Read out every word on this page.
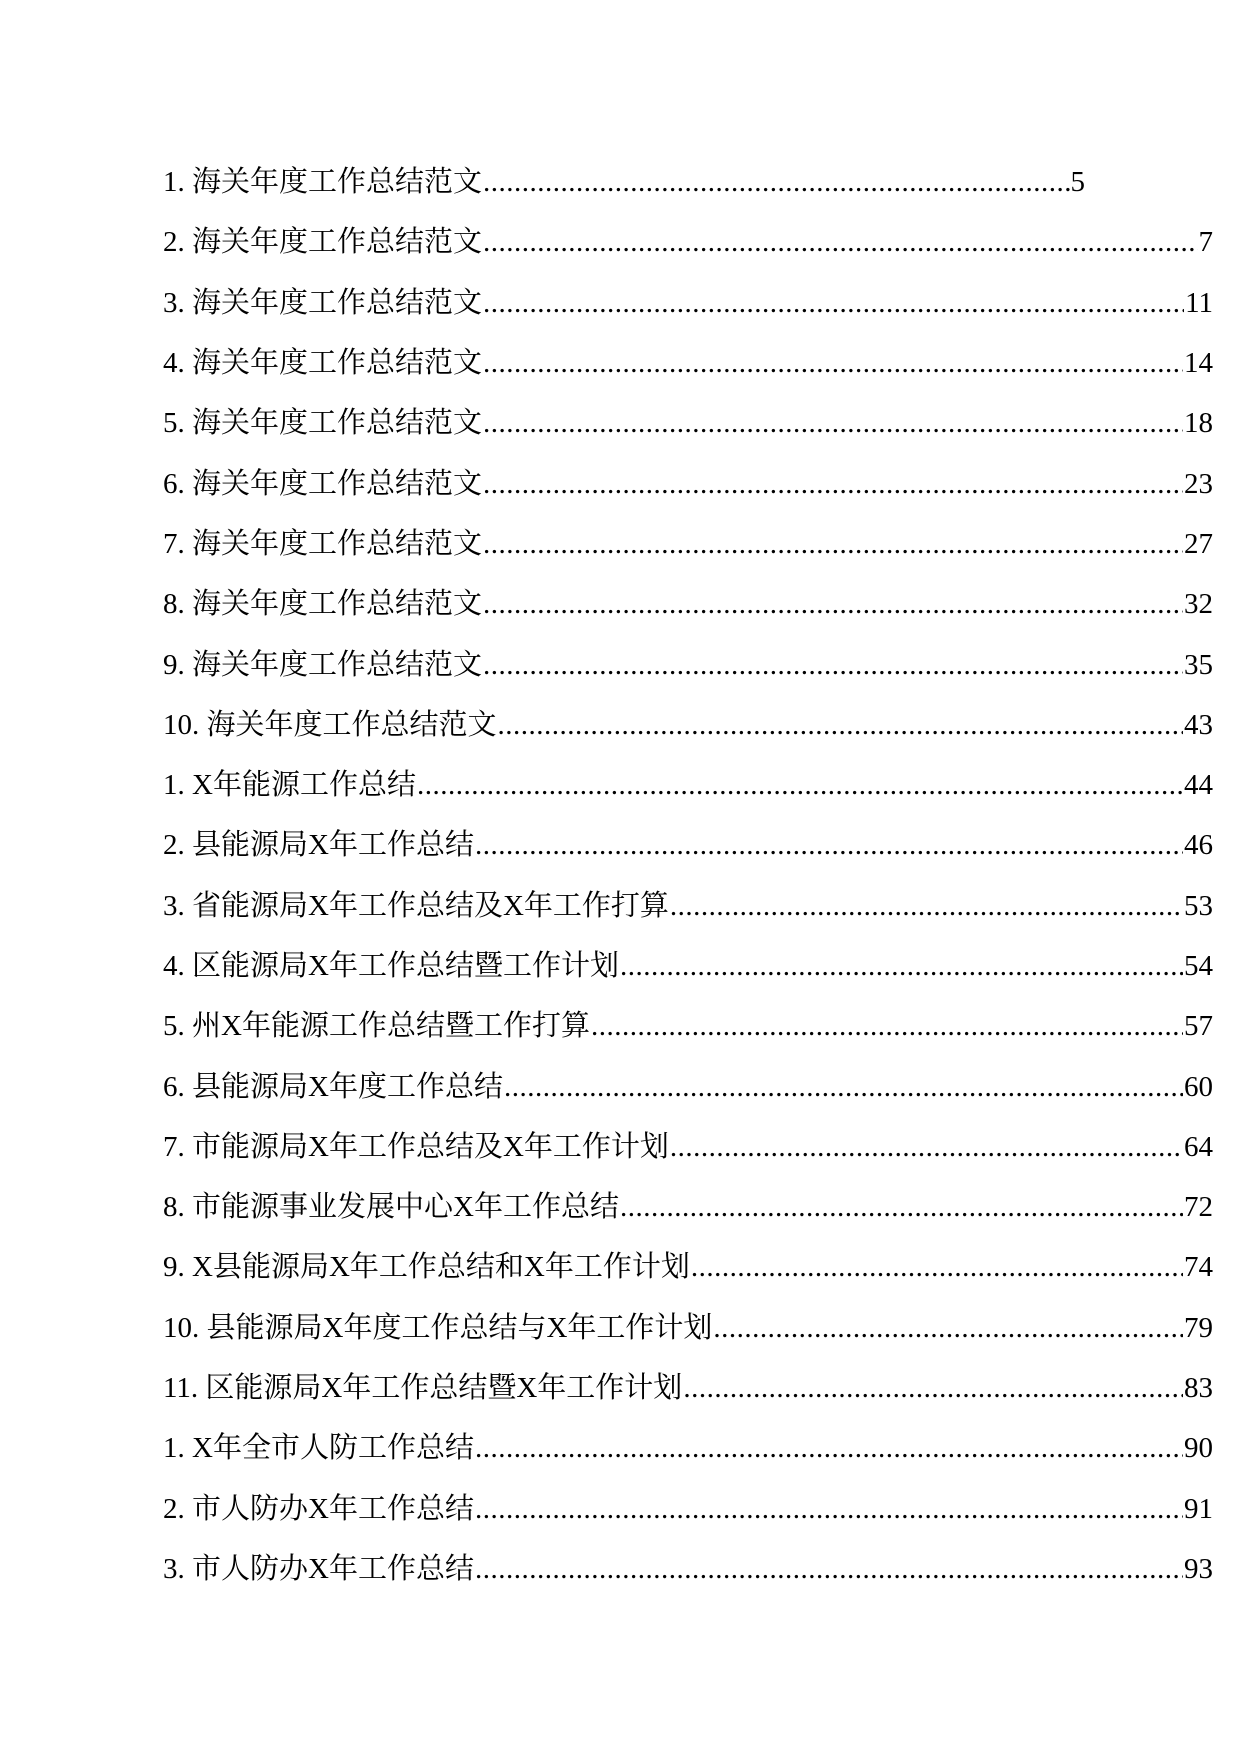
1. 海关年度工作总结范文 .....	5
2. 海关年度工作总结范文 .....	7
3. 海关年度工作总结范文 .....	11
4. 海关年度工作总结范文 .....	14
5. 海关年度工作总结范文 .....	18
6. 海关年度工作总结范文 .....	23
7. 海关年度工作总结范文 .....	27
8. 海关年度工作总结范文 .....	32
9. 海关年度工作总结范文 .....	35
10. 海关年度工作总结范文 .....	43
1. X年能源工作总结 .....	44
2. 县能源局X年工作总结 .....	46
3. 省能源局X年工作总结及X年工作打算 .....	53
4. 区能源局X年工作总结暨工作计划 .....	54
5. 州X年能源工作总结暨工作打算 .....	57
6. 县能源局X年度工作总结 .....	60
7. 市能源局X年工作总结及X年工作计划 .....	64
8. 市能源事业发展中心X年工作总结 .....	72
9. X县能源局X年工作总结和X年工作计划 .....	74
10. 县能源局X年度工作总结与X年工作计划 .....	79
11. 区能源局X年工作总结暨X年工作计划 .....	83
1. X年全市人防工作总结 .....	90
2. 市人防办X年工作总结 .....	91
3. 市人防办X年工作总结 .....	93
